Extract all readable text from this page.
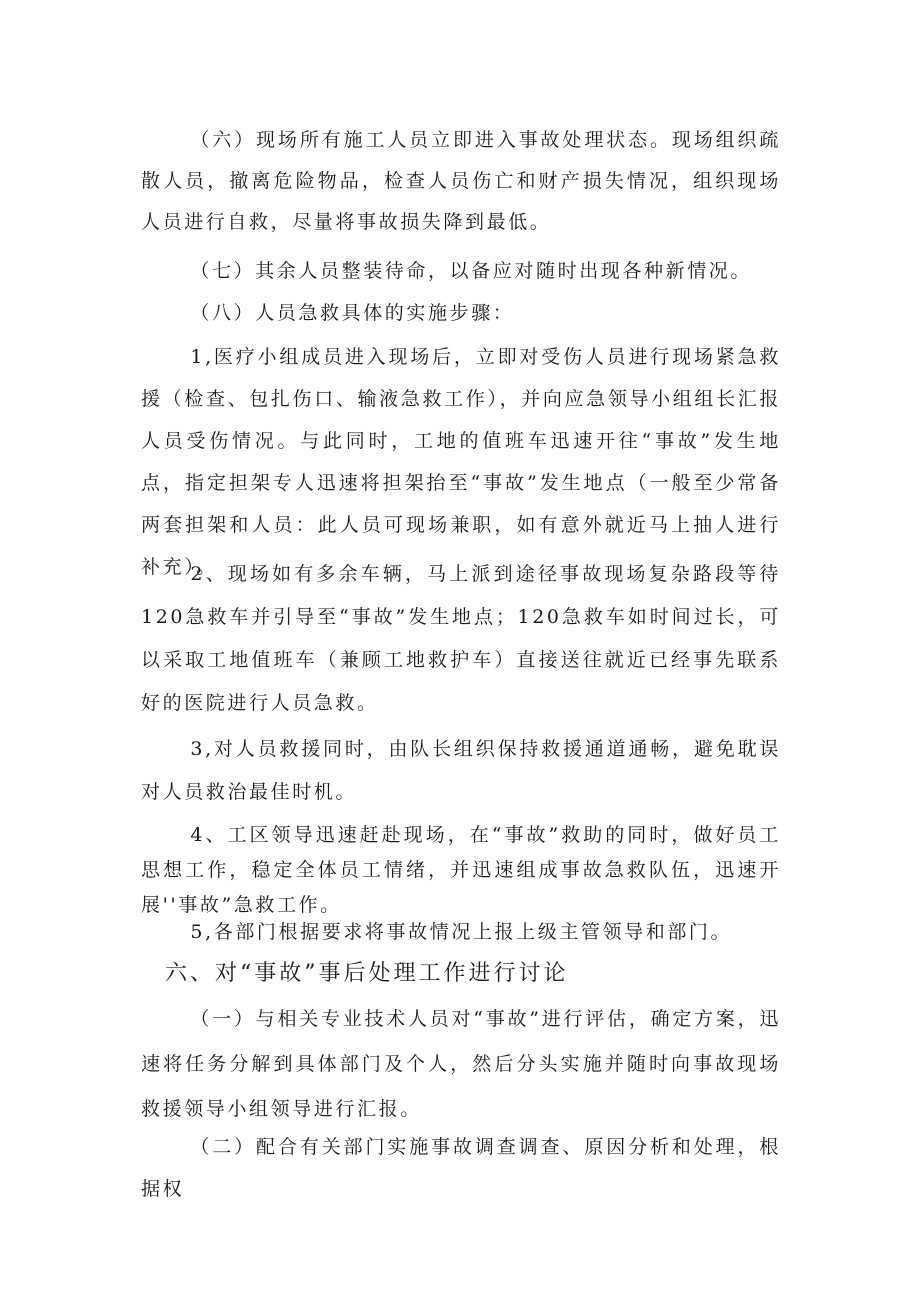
（六）现场所有施工人员立即进入事故处理状态。现场组织疏散人员，撤离危险物品，检查人员伤亡和财产损失情况，组织现场人员进行自救，尽量将事故损失降到最低。

（七）其余人员整装待命，以备应对随时出现各种新情况。

（八）人员急救具体的实施步骤：

1,医疗小组成员进入现场后，立即对受伤人员进行现场紧急救援（检查、包扎伤口、输液急救工作），并向应急领导小组组长汇报人员受伤情况。与此同时，工地的值班车迅速开往“事故”发生地点，指定担架专人迅速将担架抬至“事故”发生地点（一般至少常备两套担架和人员：此人员可现场兼职，如有意外就近马上抽人进行补充）。

2、现场如有多余车辆，马上派到途径事故现场复杂路段等待120急救车并引导至“事故”发生地点；120急救车如时间过长，可以采取工地值班车（兼顾工地救护车）直接送往就近已经事先联系好的医院进行人员急救。

3,对人员救援同时，由队长组织保持救援通道通畅，避免耽误对人员救治最佳时机。

4、工区领导迅速赶赴现场，在“事故”救助的同时，做好员工思想工作，稳定全体员工情绪，并迅速组成事故急救队伍，迅速开展''事故”急救工作。

5,各部门根据要求将事故情况上报上级主管领导和部门。

六、对“事故”事后处理工作进行讨论

（一）与相关专业技术人员对“事故”进行评估，确定方案，迅速将任务分解到具体部门及个人，然后分头实施并随时向事故现场救援领导小组领导进行汇报。

（二）配合有关部门实施事故调查调查、原因分析和处理，根据权
